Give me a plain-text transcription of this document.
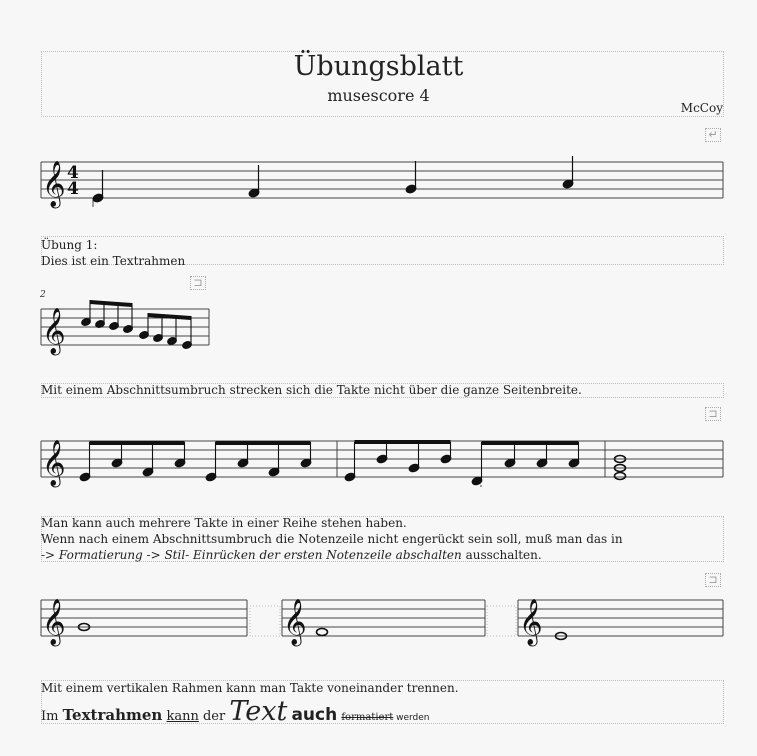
Übungsblatt
musescore 4
McCoy
↵
𝄞 4
4
Übung 1:
Dies ist ein Textrahmen
⊐
2
𝄞
Mit einem Abschnittsumbruch strecken sich die Takte nicht über die ganze Seitenbreite.
⊐
𝄞
Man kann auch mehrere Takte in einer Reihe stehen haben.
Wenn nach einem Abschnittsumbruch die Notenzeile nicht engerückt sein soll, muß man das in
-> Formatierung -> Stil- Einrücken der ersten Notenzeile abschalten ausschalten.
⊐
𝄞	𝄞	𝄞
Mit einem vertikalen Rahmen kann man Takte voneinander trennen.
Im Textrahmen kann der Text auch formatiert werden
